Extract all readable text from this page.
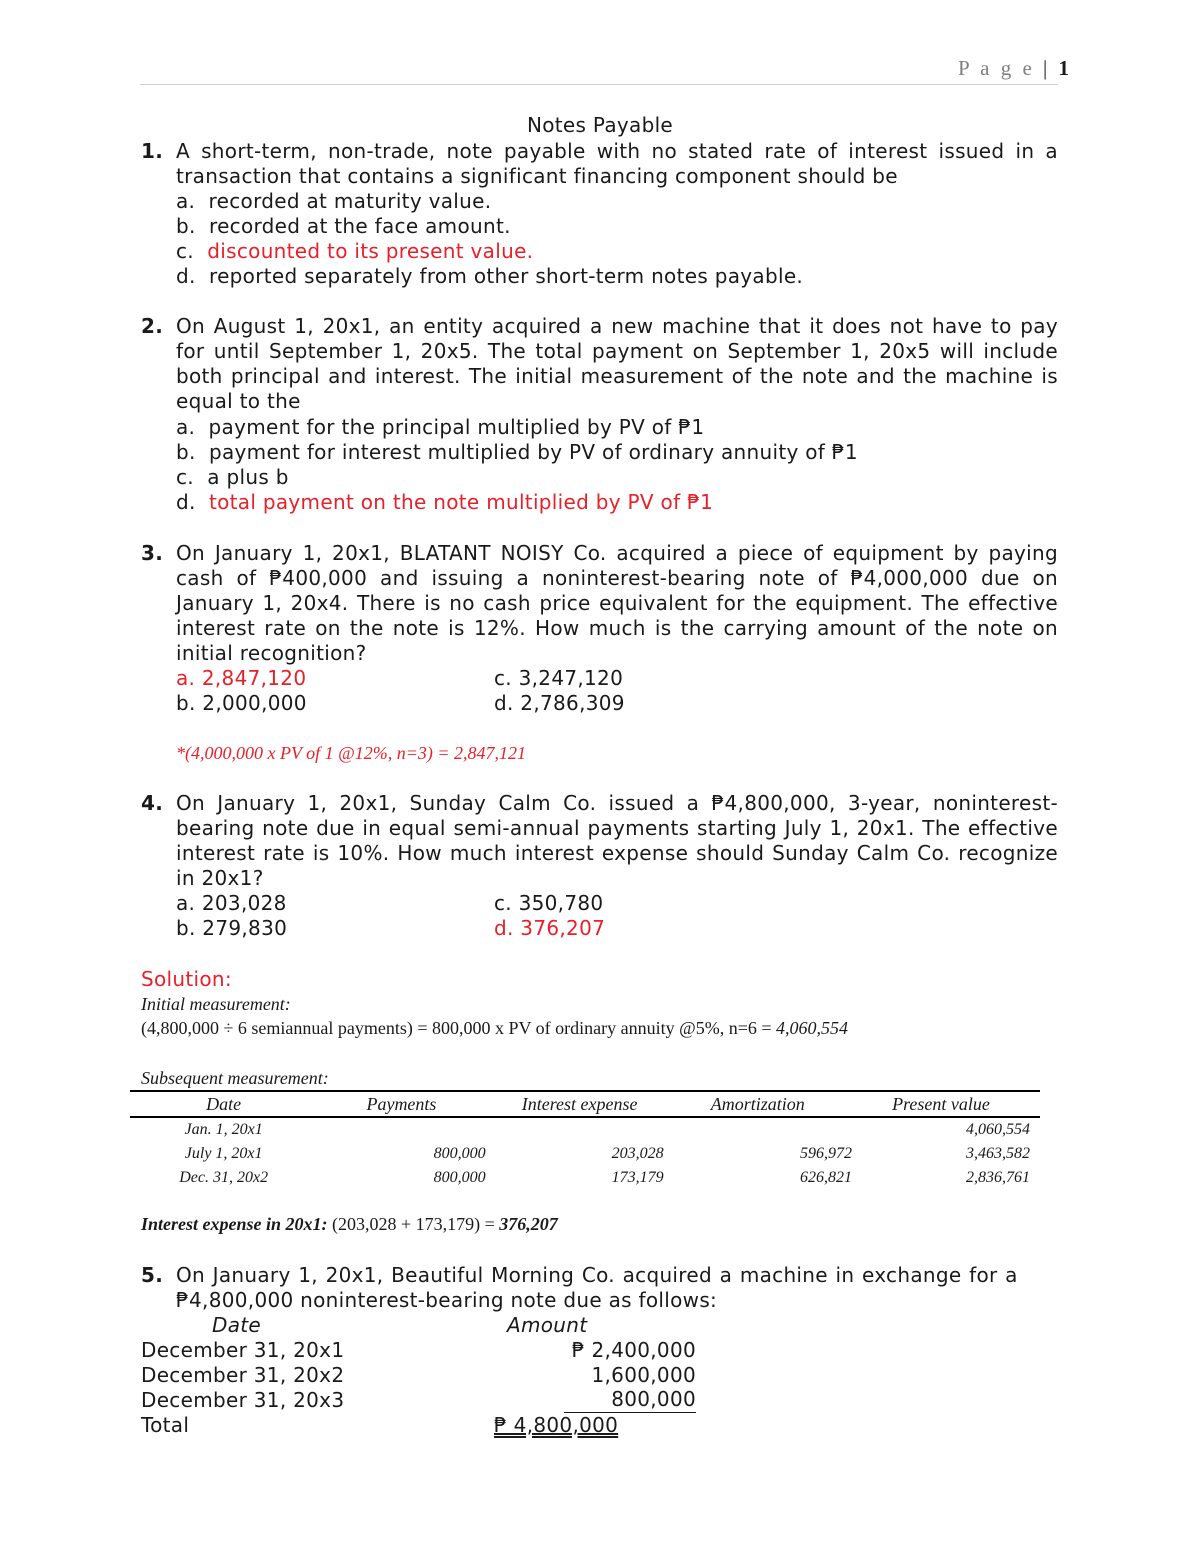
P a g e | 1
Notes Payable
1. A short-term, non-trade, note payable with no stated rate of interest issued in a transaction that contains a significant financing component should be
a. recorded at maturity value.
b. recorded at the face amount.
c. discounted to its present value.
d. reported separately from other short-term notes payable.
2. On August 1, 20x1, an entity acquired a new machine that it does not have to pay for until September 1, 20x5. The total payment on September 1, 20x5 will include both principal and interest. The initial measurement of the note and the machine is equal to the
a. payment for the principal multiplied by PV of ₱1
b. payment for interest multiplied by PV of ordinary annuity of ₱1
c. a plus b
d. total payment on the note multiplied by PV of ₱1
3. On January 1, 20x1, BLATANT NOISY Co. acquired a piece of equipment by paying cash of ₱400,000 and issuing a noninterest-bearing note of ₱4,000,000 due on January 1, 20x4. There is no cash price equivalent for the equipment. The effective interest rate on the note is 12%. How much is the carrying amount of the note on initial recognition?
a. 2,847,120	c. 3,247,120
b. 2,000,000	d. 2,786,309
*(4,000,000 x PV of 1 @12%, n=3) = 2,847,121
4. On January 1, 20x1, Sunday Calm Co. issued a ₱4,800,000, 3-year, noninterest-bearing note due in equal semi-annual payments starting July 1, 20x1. The effective interest rate is 10%. How much interest expense should Sunday Calm Co. recognize in 20x1?
a. 203,028	c. 350,780
b. 279,830	d. 376,207
Solution:
Initial measurement:
(4,800,000 ÷ 6 semiannual payments) = 800,000 x PV of ordinary annuity @5%, n=6 = 4,060,554
Subsequent measurement:
Date	Payments	Interest expense	Amortization	Present value
Jan. 1, 20x1				4,060,554
July 1, 20x1	800,000	203,028	596,972	3,463,582
Dec. 31, 20x2	800,000	173,179	626,821	2,836,761
Interest expense in 20x1: (203,028 + 173,179) = 376,207
5. On January 1, 20x1, Beautiful Morning Co. acquired a machine in exchange for a
₱4,800,000 noninterest-bearing note due as follows:
Date	Amount
December 31, 20x1	₱ 2,400,000
December 31, 20x2	1,600,000
December 31, 20x3	800,000
Total	₱ 4,800,000
